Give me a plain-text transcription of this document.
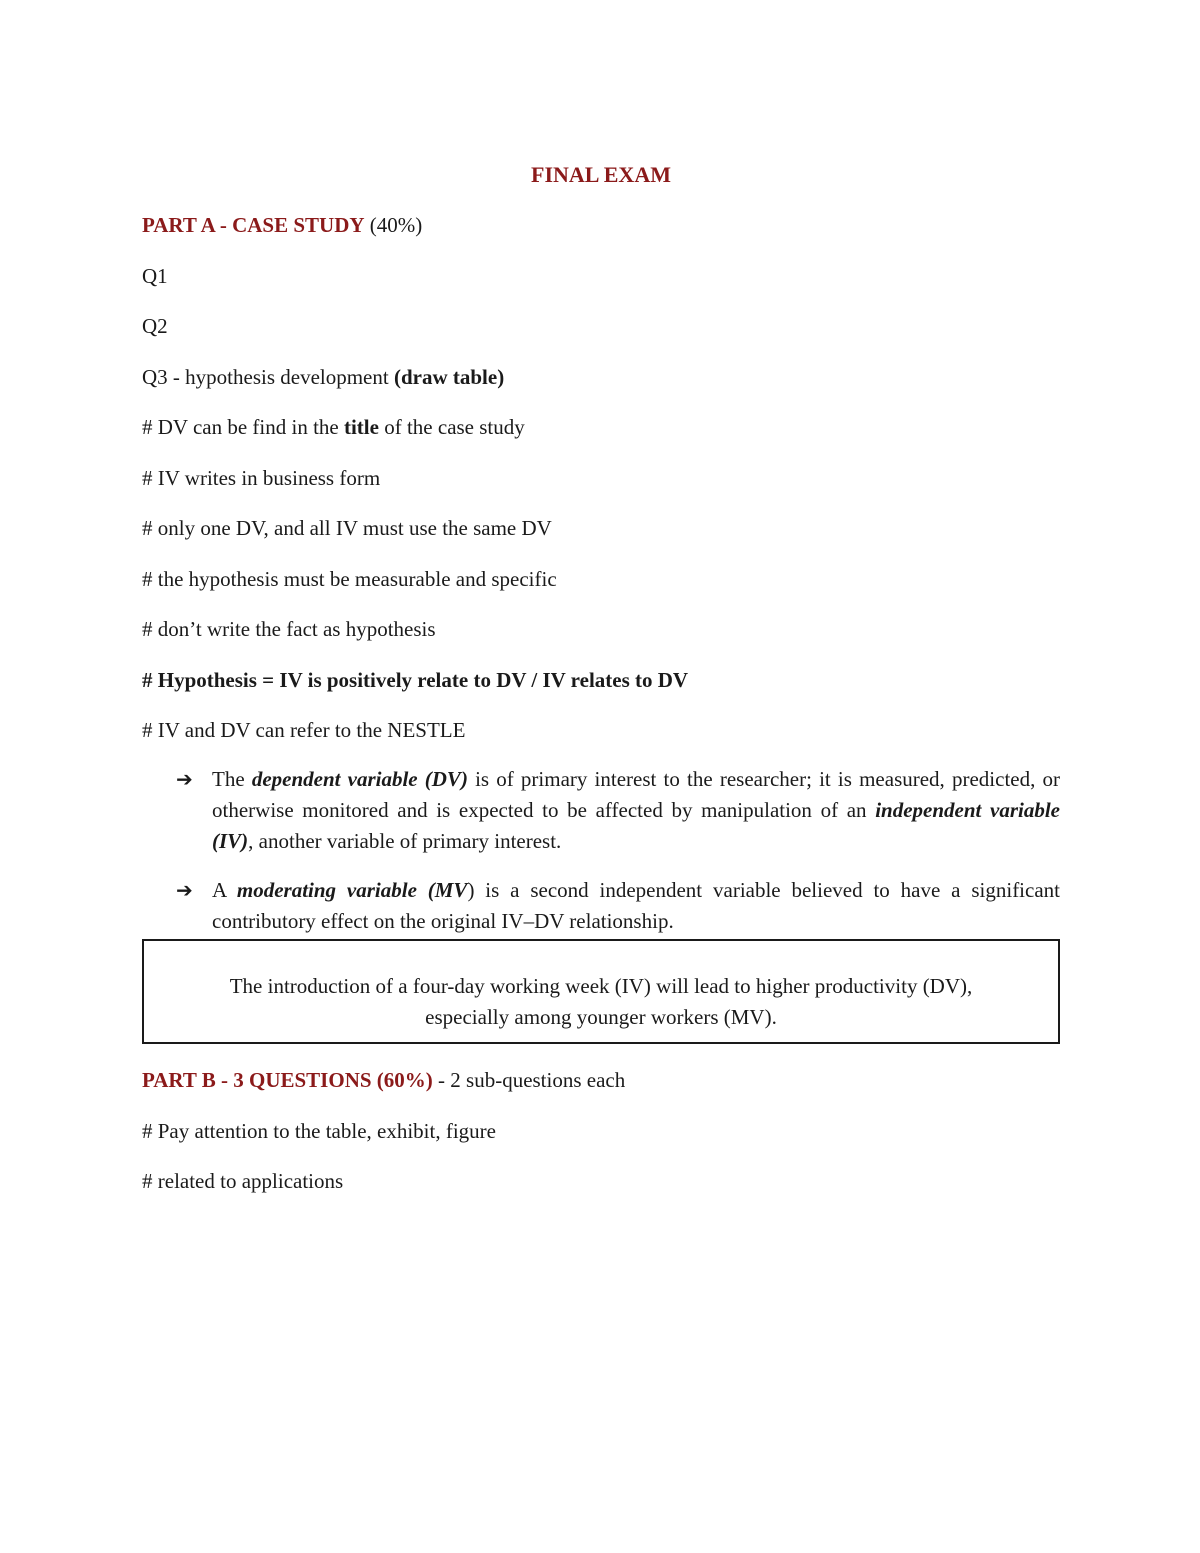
FINAL EXAM
PART A - CASE STUDY (40%)
Q1
Q2
Q3 - hypothesis development (draw table)
# DV can be find in the title of the case study
# IV writes in business form
# only one DV, and all IV must use the same DV
# the hypothesis must be measurable and specific
# don’t write the fact as hypothesis
# Hypothesis = IV is positively relate to DV / IV relates to DV
# IV and DV can refer to the NESTLE
➔ The dependent variable (DV) is of primary interest to the researcher; it is measured, predicted, or otherwise monitored and is expected to be affected by manipulation of an independent variable (IV), another variable of primary interest.
➔ A moderating variable (MV) is a second independent variable believed to have a significant contributory effect on the original IV–DV relationship.
The introduction of a four-day working week (IV) will lead to higher productivity (DV),
especially among younger workers (MV).
PART B - 3 QUESTIONS (60%) - 2 sub-questions each
# Pay attention to the table, exhibit, figure
# related to applications
